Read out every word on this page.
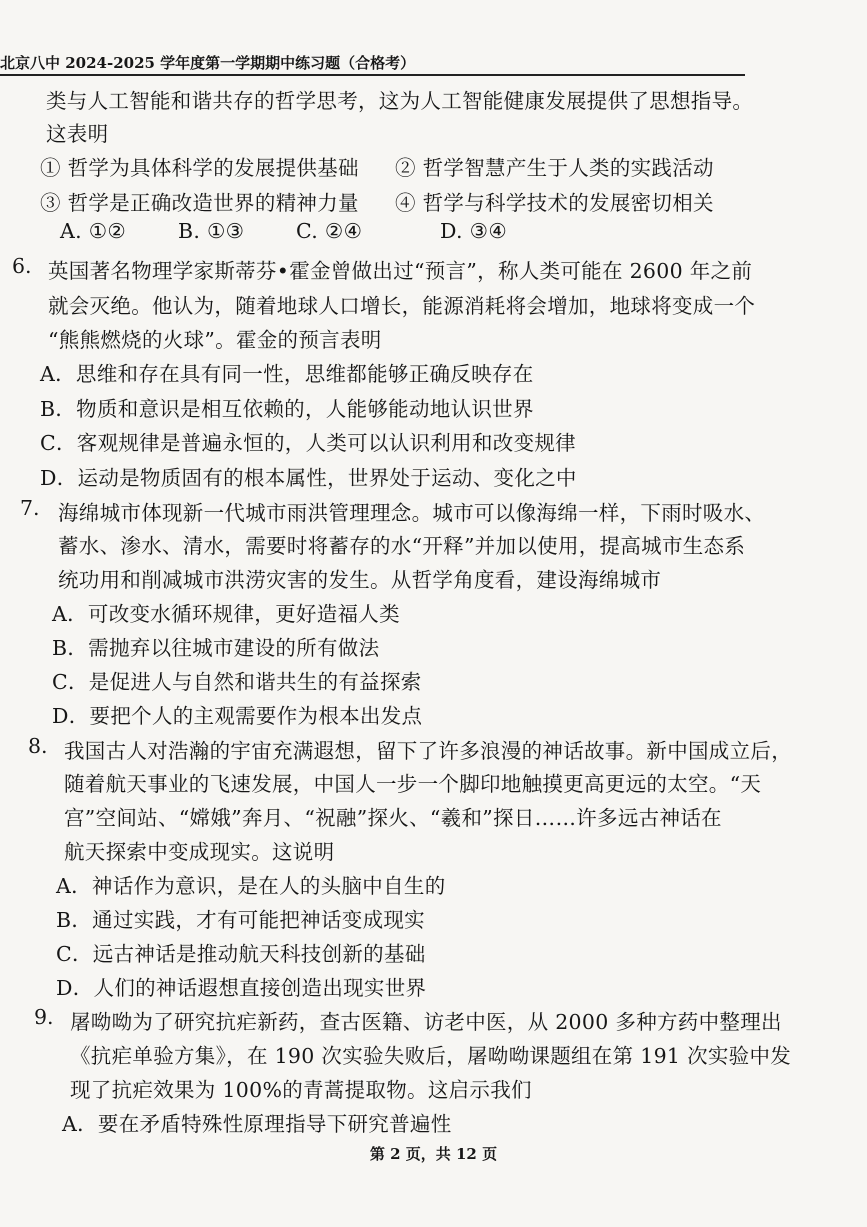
北京八中 2024-2025 学年度第一学期期中练习题（合格考）
类与人工智能和谐共存的哲学思考，这为人工智能健康发展提供了思想指导。
这表明
① 哲学为具体科学的发展提供基础 ② 哲学智慧产生于人类的实践活动
③ 哲学是正确改造世界的精神力量 ④ 哲学与科学技术的发展密切相关
A. ①②	B. ①③	C. ②④	D. ③④
6. 英国著名物理学家斯蒂芬•霍金曾做出过“预言”，称人类可能在 2600 年之前
就会灭绝。他认为，随着地球人口增长，能源消耗将会增加，地球将变成一个
“熊熊燃烧的火球”。霍金的预言表明
A．思维和存在具有同一性，思维都能够正确反映存在
B．物质和意识是相互依赖的，人能够能动地认识世界
C．客观规律是普遍永恒的，人类可以认识利用和改变规律
D．运动是物质固有的根本属性，世界处于运动、变化之中
7. 海绵城市体现新一代城市雨洪管理理念。城市可以像海绵一样，下雨时吸水、
蓄水、渗水、清水，需要时将蓄存的水“开释”并加以使用，提高城市生态系
统功用和削减城市洪涝灾害的发生。从哲学角度看，建设海绵城市
A．可改变水循环规律，更好造福人类
B．需抛弃以往城市建设的所有做法
C．是促进人与自然和谐共生的有益探索
D．要把个人的主观需要作为根本出发点
8. 我国古人对浩瀚的宇宙充满遐想，留下了许多浪漫的神话故事。新中国成立后，
随着航天事业的飞速发展，中国人一步一个脚印地触摸更高更远的太空。“天
宫”空间站、“嫦娥”奔月、“祝融”探火、“羲和”探日……许多远古神话在
航天探索中变成现实。这说明
A．神话作为意识，是在人的头脑中自生的
B．通过实践，才有可能把神话变成现实
C．远古神话是推动航天科技创新的基础
D．人们的神话遐想直接创造出现实世界
9. 屠呦呦为了研究抗疟新药，查古医籍、访老中医，从 2000 多种方药中整理出
《抗疟单验方集》，在 190 次实验失败后，屠呦呦课题组在第 191 次实验中发
现了抗疟效果为 100%的青蒿提取物。这启示我们
A．要在矛盾特殊性原理指导下研究普遍性
第 2 页，共 12 页
